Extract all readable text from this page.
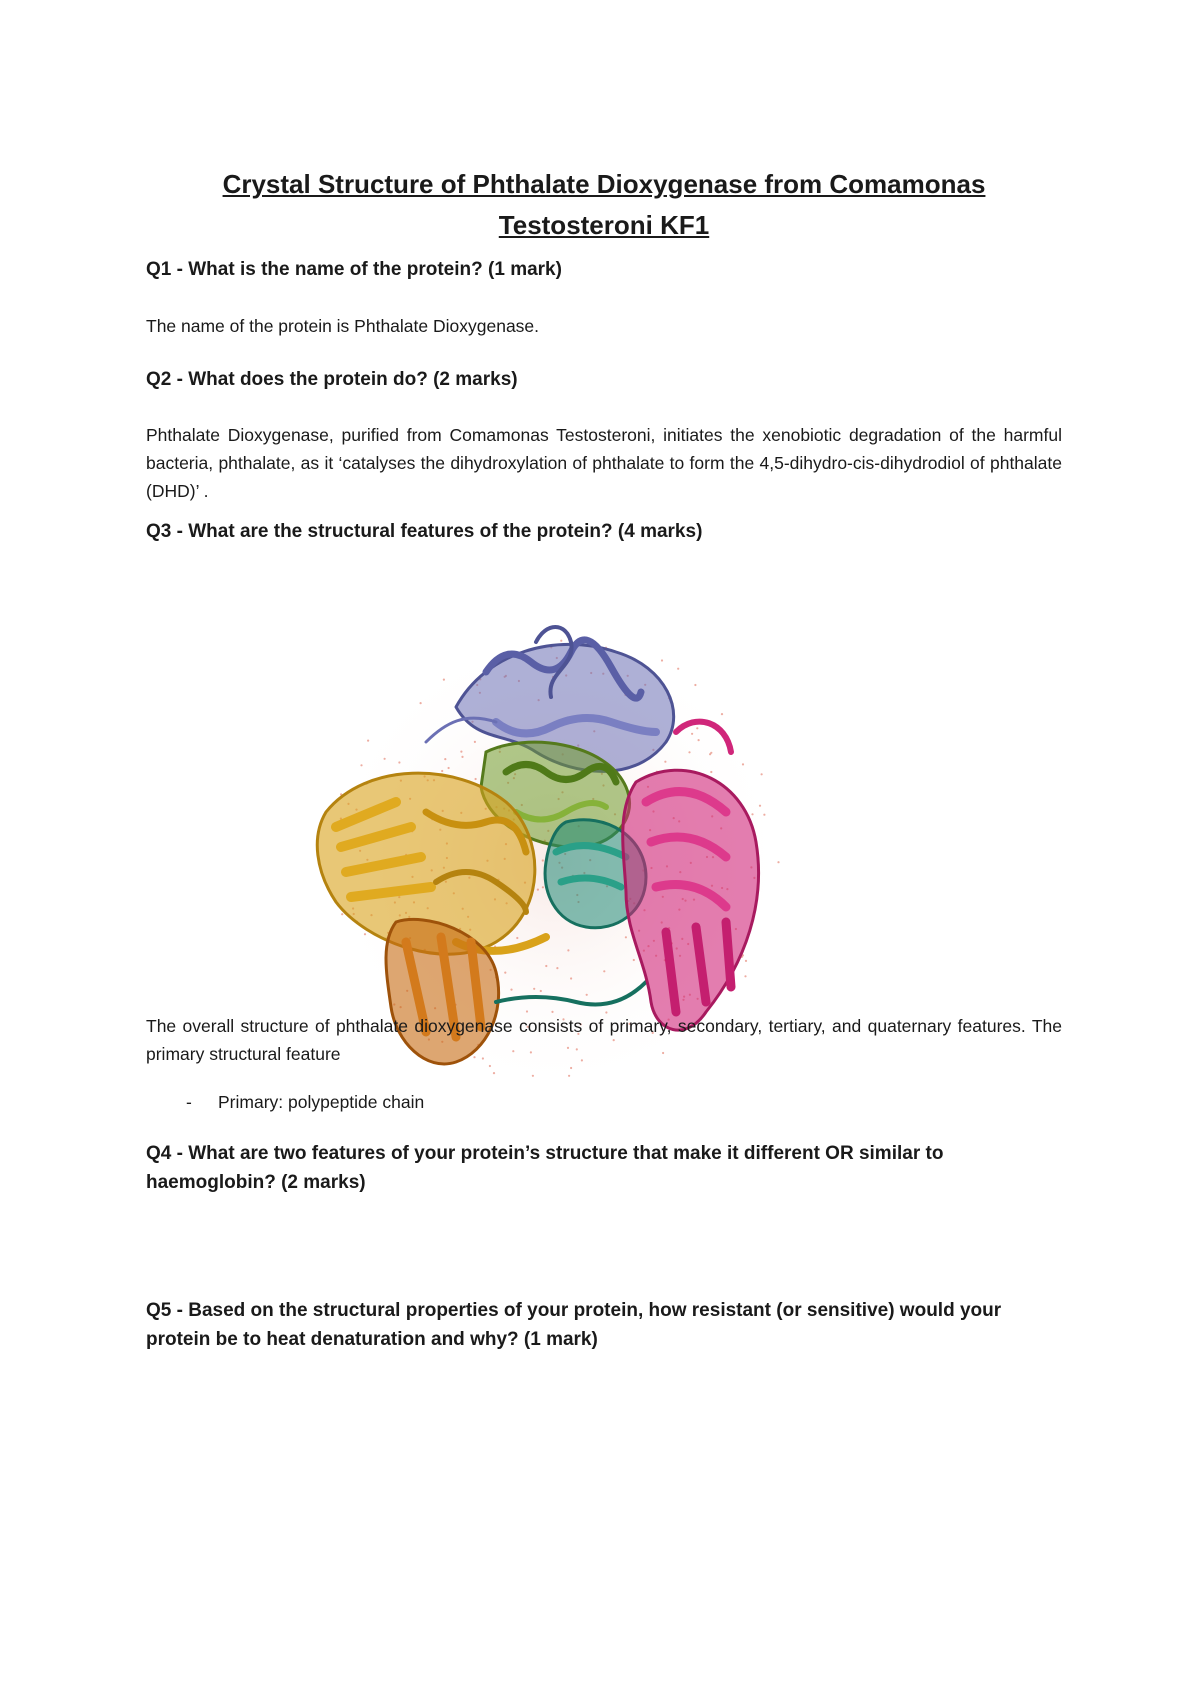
Crystal Structure of Phthalate Dioxygenase from Comamonas Testosteroni KF1

Q1 - What is the name of the protein? (1 mark)

The name of the protein is Phthalate Dioxygenase.

Q2 - What does the protein do? (2 marks)

Phthalate Dioxygenase, purified from Comamonas Testosteroni, initiates the xenobiotic degradation of the harmful bacteria, phthalate, as it ‘catalyses the dihydroxylation of phthalate to form the 4,5-dihydro-cis-dihydrodiol of phthalate (DHD)’ .

Q3 - What are the structural features of the protein? (4 marks)

The overall structure of phthalate dioxygenase consists of primary, secondary, tertiary, and quaternary features. The primary structural feature

- Primary: polypeptide chain

Q4 - What are two features of your protein’s structure that make it different OR similar to haemoglobin? (2 marks)

Q5 - Based on the structural properties of your protein, how resistant (or sensitive) would your protein be to heat denaturation and why? (1 mark)
